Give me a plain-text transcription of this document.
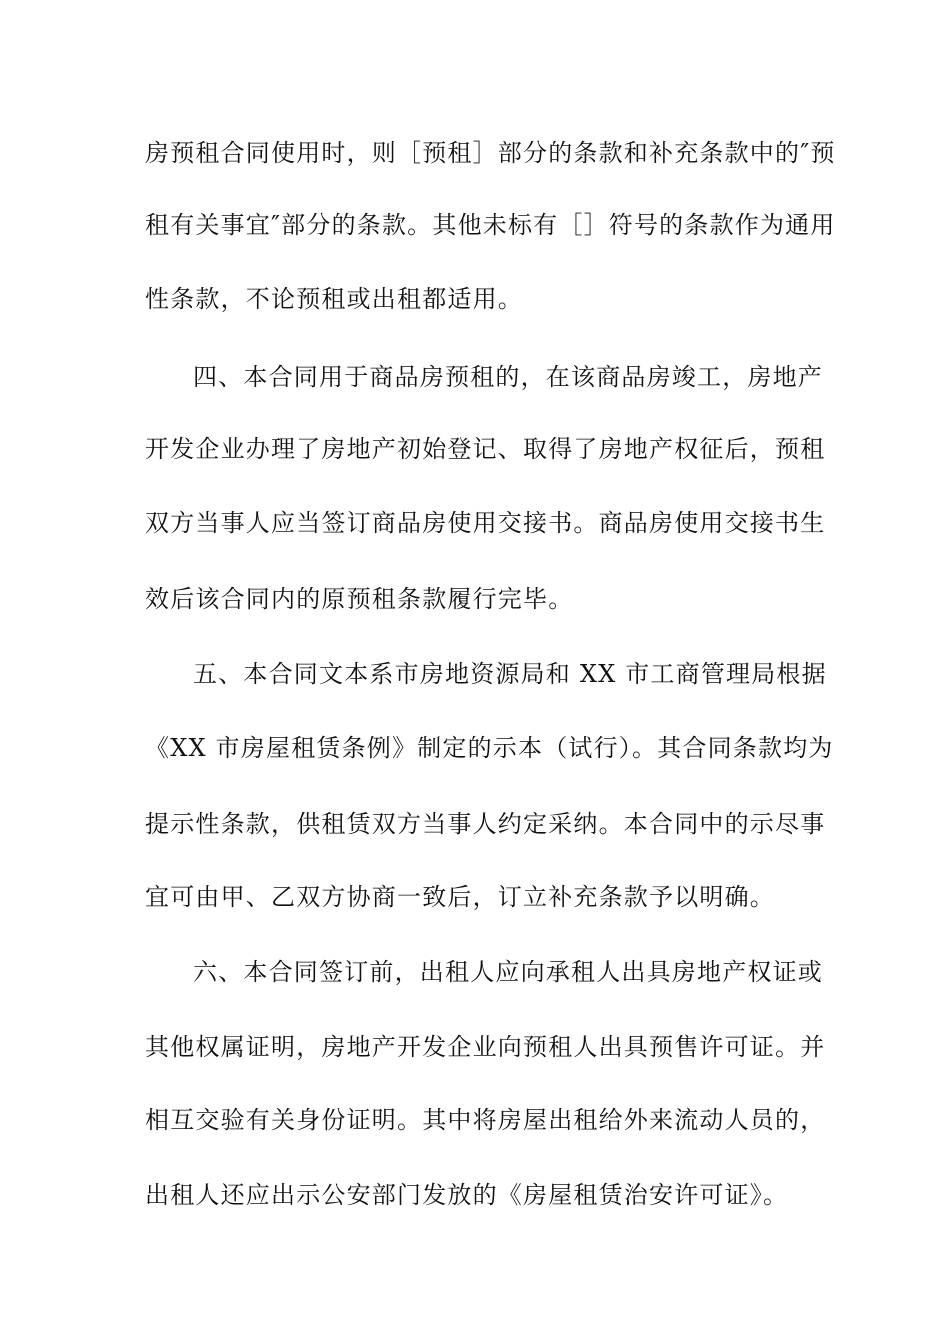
房预租合同使用时，则［预租］部分的条款和补充条款中的″预
租有关事宜″部分的条款。其他未标有［］符号的条款作为通用
性条款，不论预租或出租都适用。
四、本合同用于商品房预租的，在该商品房竣工，房地产
开发企业办理了房地产初始登记、取得了房地产权征后，预租
双方当事人应当签订商品房使用交接书。商品房使用交接书生
效后该合同内的原预租条款履行完毕。
五、本合同文本系市房地资源局和 XX 市工商管理局根据
《XX 市房屋租赁条例》制定的示本（试行）。其合同条款均为
提示性条款，供租赁双方当事人约定采纳。本合同中的示尽事
宜可由甲、乙双方协商一致后，订立补充条款予以明确。
六、本合同签订前，出租人应向承租人出具房地产权证或
其他权属证明，房地产开发企业向预租人出具预售许可证。并
相互交验有关身份证明。其中将房屋出租给外来流动人员的，
出租人还应出示公安部门发放的《房屋租赁治安许可证》。
